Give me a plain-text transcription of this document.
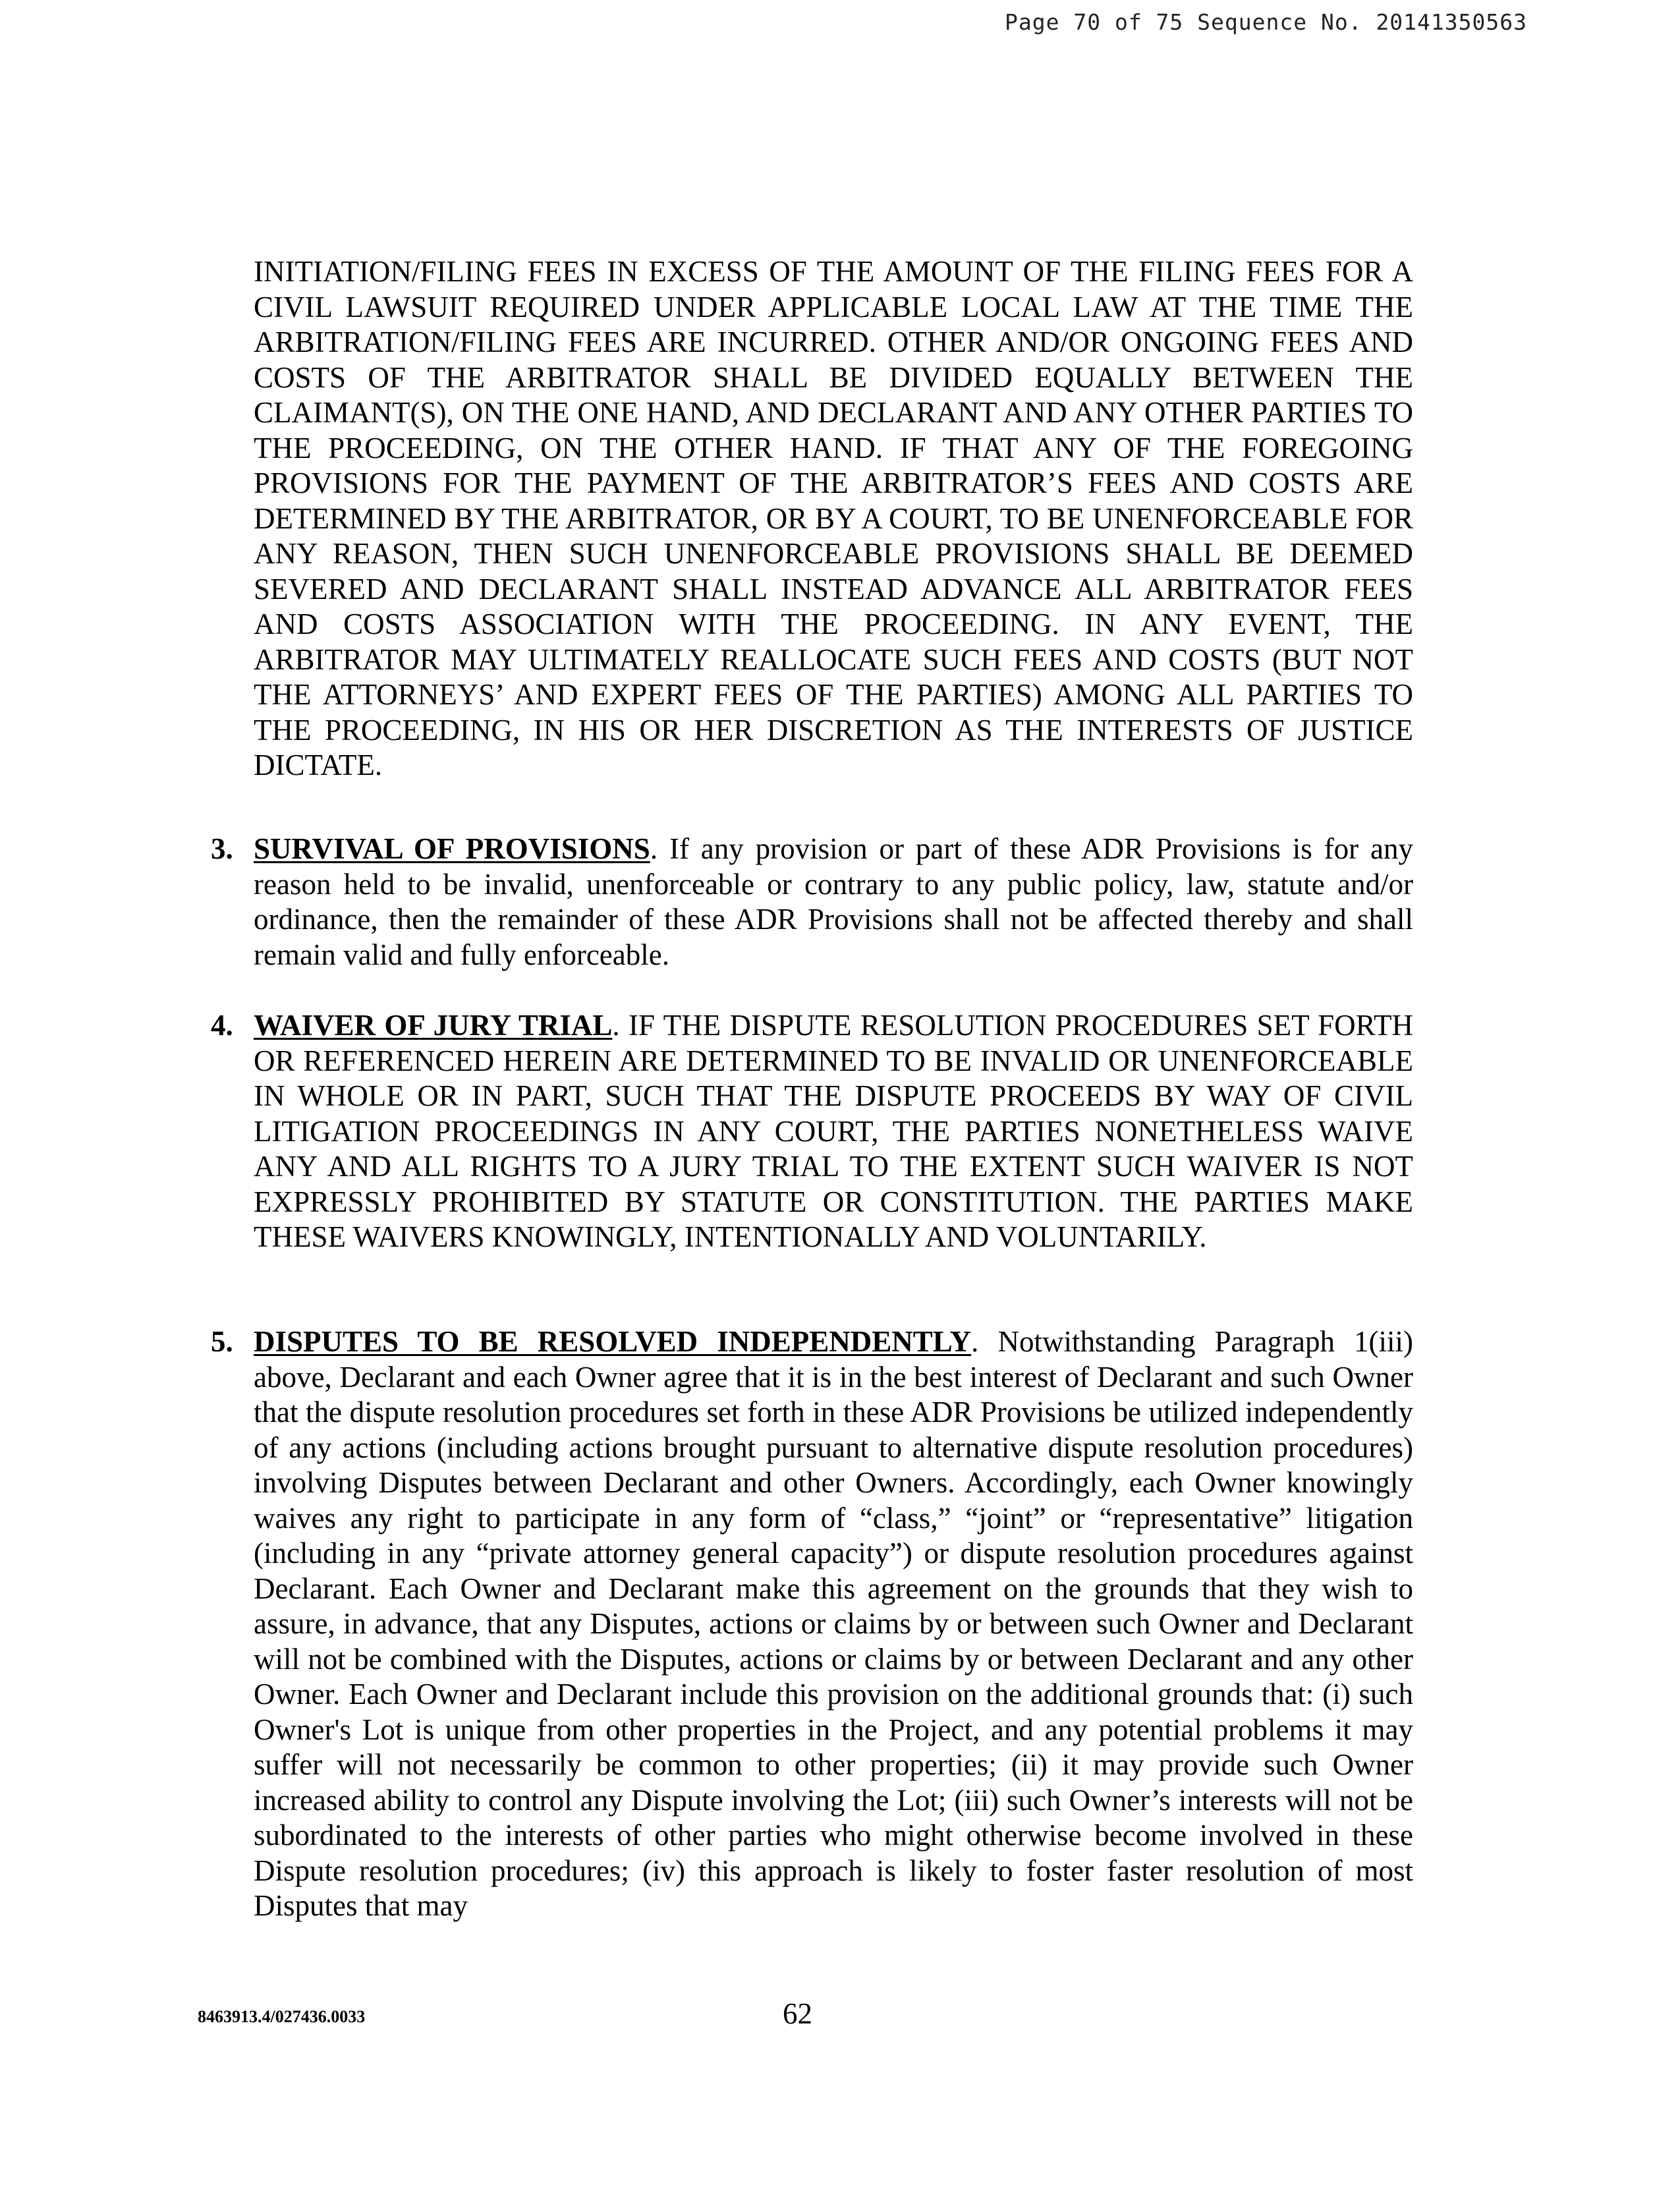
Page 70 of 75 Sequence No. 20141350563

INITIATION/FILING FEES IN EXCESS OF THE AMOUNT OF THE FILING FEES FOR A CIVIL LAWSUIT REQUIRED UNDER APPLICABLE LOCAL LAW AT THE TIME THE ARBITRATION/FILING FEES ARE INCURRED. OTHER AND/OR ONGOING FEES AND COSTS OF THE ARBITRATOR SHALL BE DIVIDED EQUALLY BETWEEN THE CLAIMANT(S), ON THE ONE HAND, AND DECLARANT AND ANY OTHER PARTIES TO THE PROCEEDING, ON THE OTHER HAND. IF THAT ANY OF THE FOREGOING PROVISIONS FOR THE PAYMENT OF THE ARBITRATOR’S FEES AND COSTS ARE DETERMINED BY THE ARBITRATOR, OR BY A COURT, TO BE UNENFORCEABLE FOR ANY REASON, THEN SUCH UNENFORCEABLE PROVISIONS SHALL BE DEEMED SEVERED AND DECLARANT SHALL INSTEAD ADVANCE ALL ARBITRATOR FEES AND COSTS ASSOCIATION WITH THE PROCEEDING. IN ANY EVENT, THE ARBITRATOR MAY ULTIMATELY REALLOCATE SUCH FEES AND COSTS (BUT NOT THE ATTORNEYS’ AND EXPERT FEES OF THE PARTIES) AMONG ALL PARTIES TO THE PROCEEDING, IN HIS OR HER DISCRETION AS THE INTERESTS OF JUSTICE DICTATE.

3. SURVIVAL OF PROVISIONS. If any provision or part of these ADR Provisions is for any reason held to be invalid, unenforceable or contrary to any public policy, law, statute and/or ordinance, then the remainder of these ADR Provisions shall not be affected thereby and shall remain valid and fully enforceable.

4. WAIVER OF JURY TRIAL. IF THE DISPUTE RESOLUTION PROCEDURES SET FORTH OR REFERENCED HEREIN ARE DETERMINED TO BE INVALID OR UNENFORCEABLE IN WHOLE OR IN PART, SUCH THAT THE DISPUTE PROCEEDS BY WAY OF CIVIL LITIGATION PROCEEDINGS IN ANY COURT, THE PARTIES NONETHELESS WAIVE ANY AND ALL RIGHTS TO A JURY TRIAL TO THE EXTENT SUCH WAIVER IS NOT EXPRESSLY PROHIBITED BY STATUTE OR CONSTITUTION. THE PARTIES MAKE THESE WAIVERS KNOWINGLY, INTENTIONALLY AND VOLUNTARILY.

5. DISPUTES TO BE RESOLVED INDEPENDENTLY. Notwithstanding Paragraph 1(iii) above, Declarant and each Owner agree that it is in the best interest of Declarant and such Owner that the dispute resolution procedures set forth in these ADR Provisions be utilized independently of any actions (including actions brought pursuant to alternative dispute resolution procedures) involving Disputes between Declarant and other Owners. Accordingly, each Owner knowingly waives any right to participate in any form of “class,” “joint” or “representative” litigation (including in any “private attorney general capacity”) or dispute resolution procedures against Declarant. Each Owner and Declarant make this agreement on the grounds that they wish to assure, in advance, that any Disputes, actions or claims by or between such Owner and Declarant will not be combined with the Disputes, actions or claims by or between Declarant and any other Owner. Each Owner and Declarant include this provision on the additional grounds that: (i) such Owner's Lot is unique from other properties in the Project, and any potential problems it may suffer will not necessarily be common to other properties; (ii) it may provide such Owner increased ability to control any Dispute involving the Lot; (iii) such Owner’s interests will not be subordinated to the interests of other parties who might otherwise become involved in these Dispute resolution procedures; (iv) this approach is likely to foster faster resolution of most Disputes that may

8463913.4/027436.0033	62
